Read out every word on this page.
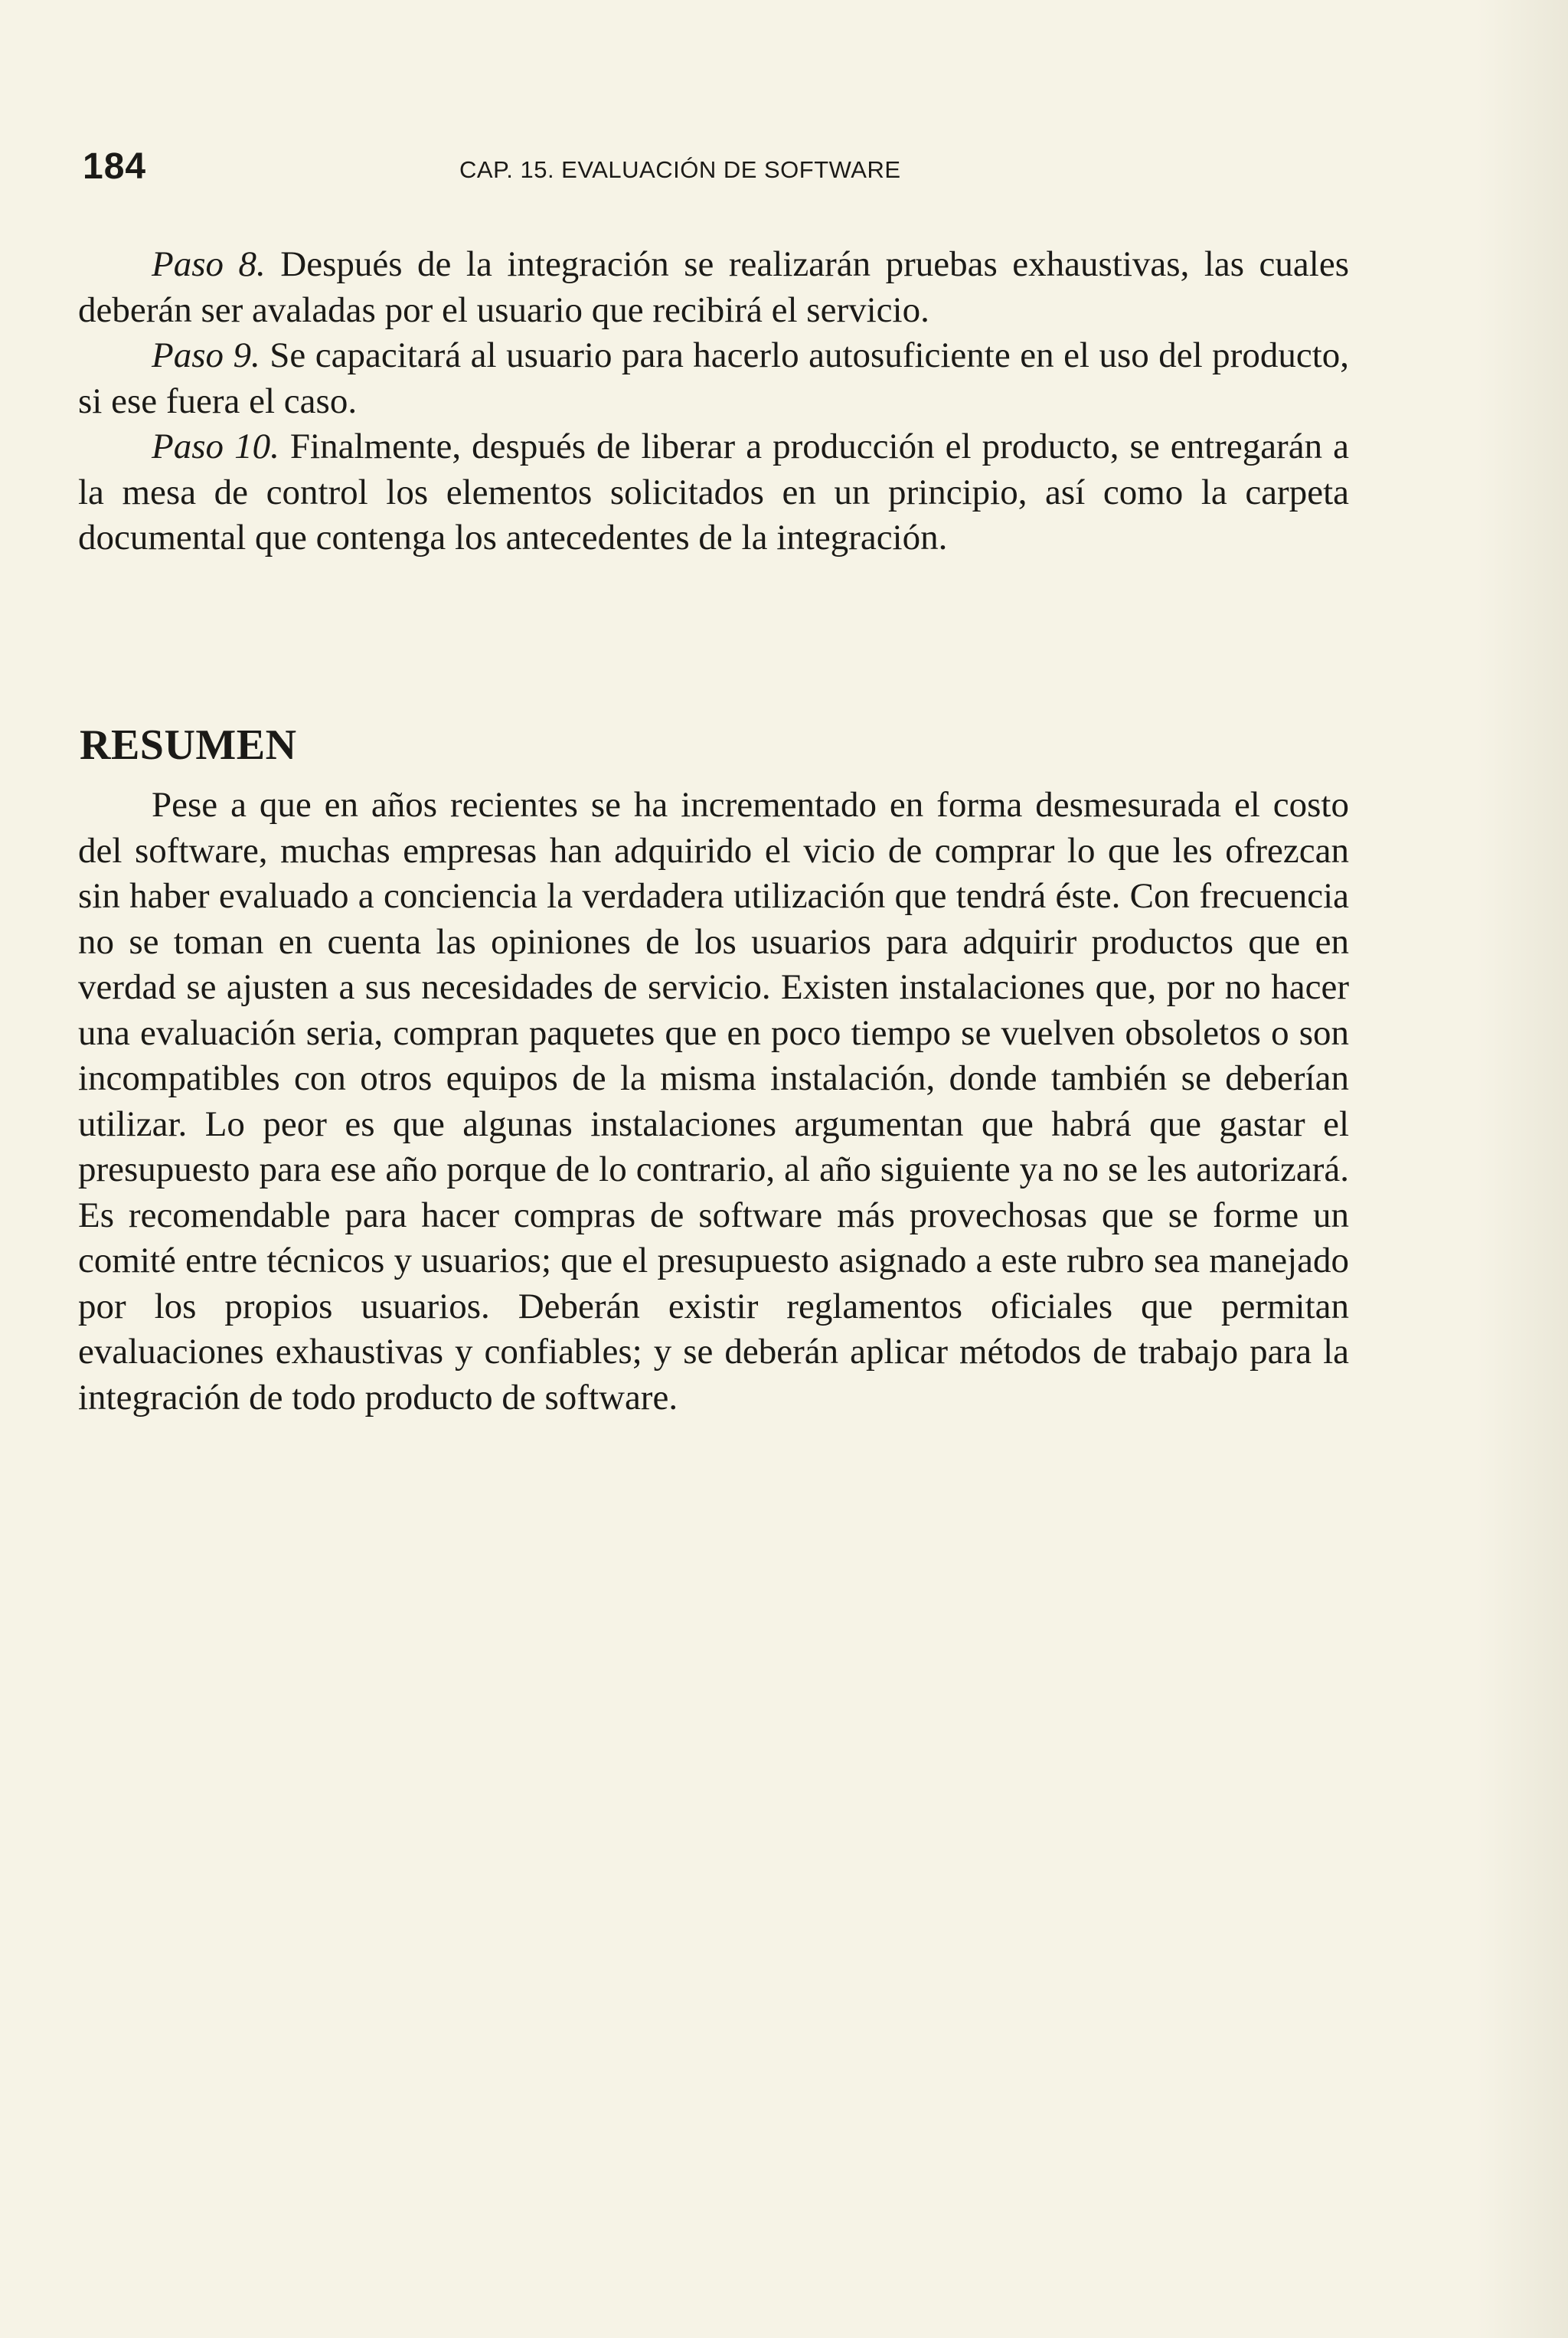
184	CAP. 15. EVALUACIÓN DE SOFTWARE

Paso 8. Después de la integración se realizarán pruebas exhaustivas, las cuales deberán ser avaladas por el usuario que recibirá el servicio.

Paso 9. Se capacitará al usuario para hacerlo autosuficiente en el uso del producto, si ese fuera el caso.

Paso 10. Finalmente, después de liberar a producción el producto, se entregarán a la mesa de control los elementos solicitados en un principio, así como la carpeta documental que contenga los antecedentes de la integración.

RESUMEN

Pese a que en años recientes se ha incrementado en forma desmesurada el costo del software, muchas empresas han adquirido el vicio de comprar lo que les ofrezcan sin haber evaluado a conciencia la verdadera utilización que tendrá éste. Con frecuencia no se toman en cuenta las opiniones de los usuarios para adquirir productos que en verdad se ajusten a sus necesidades de servicio. Existen instalaciones que, por no hacer una evaluación seria, compran paquetes que en poco tiempo se vuelven obsoletos o son incompatibles con otros equipos de la misma instalación, donde también se deberían utilizar. Lo peor es que algunas instalaciones argumentan que habrá que gastar el presupuesto para ese año porque de lo contrario, al año siguiente ya no se les autorizará. Es recomendable para hacer compras de software más provechosas que se forme un comité entre técnicos y usuarios; que el presupuesto asignado a este rubro sea manejado por los propios usuarios. Deberán existir reglamentos oficiales que permitan evaluaciones exhaustivas y confiables; y se deberán aplicar métodos de trabajo para la integración de todo producto de software.
